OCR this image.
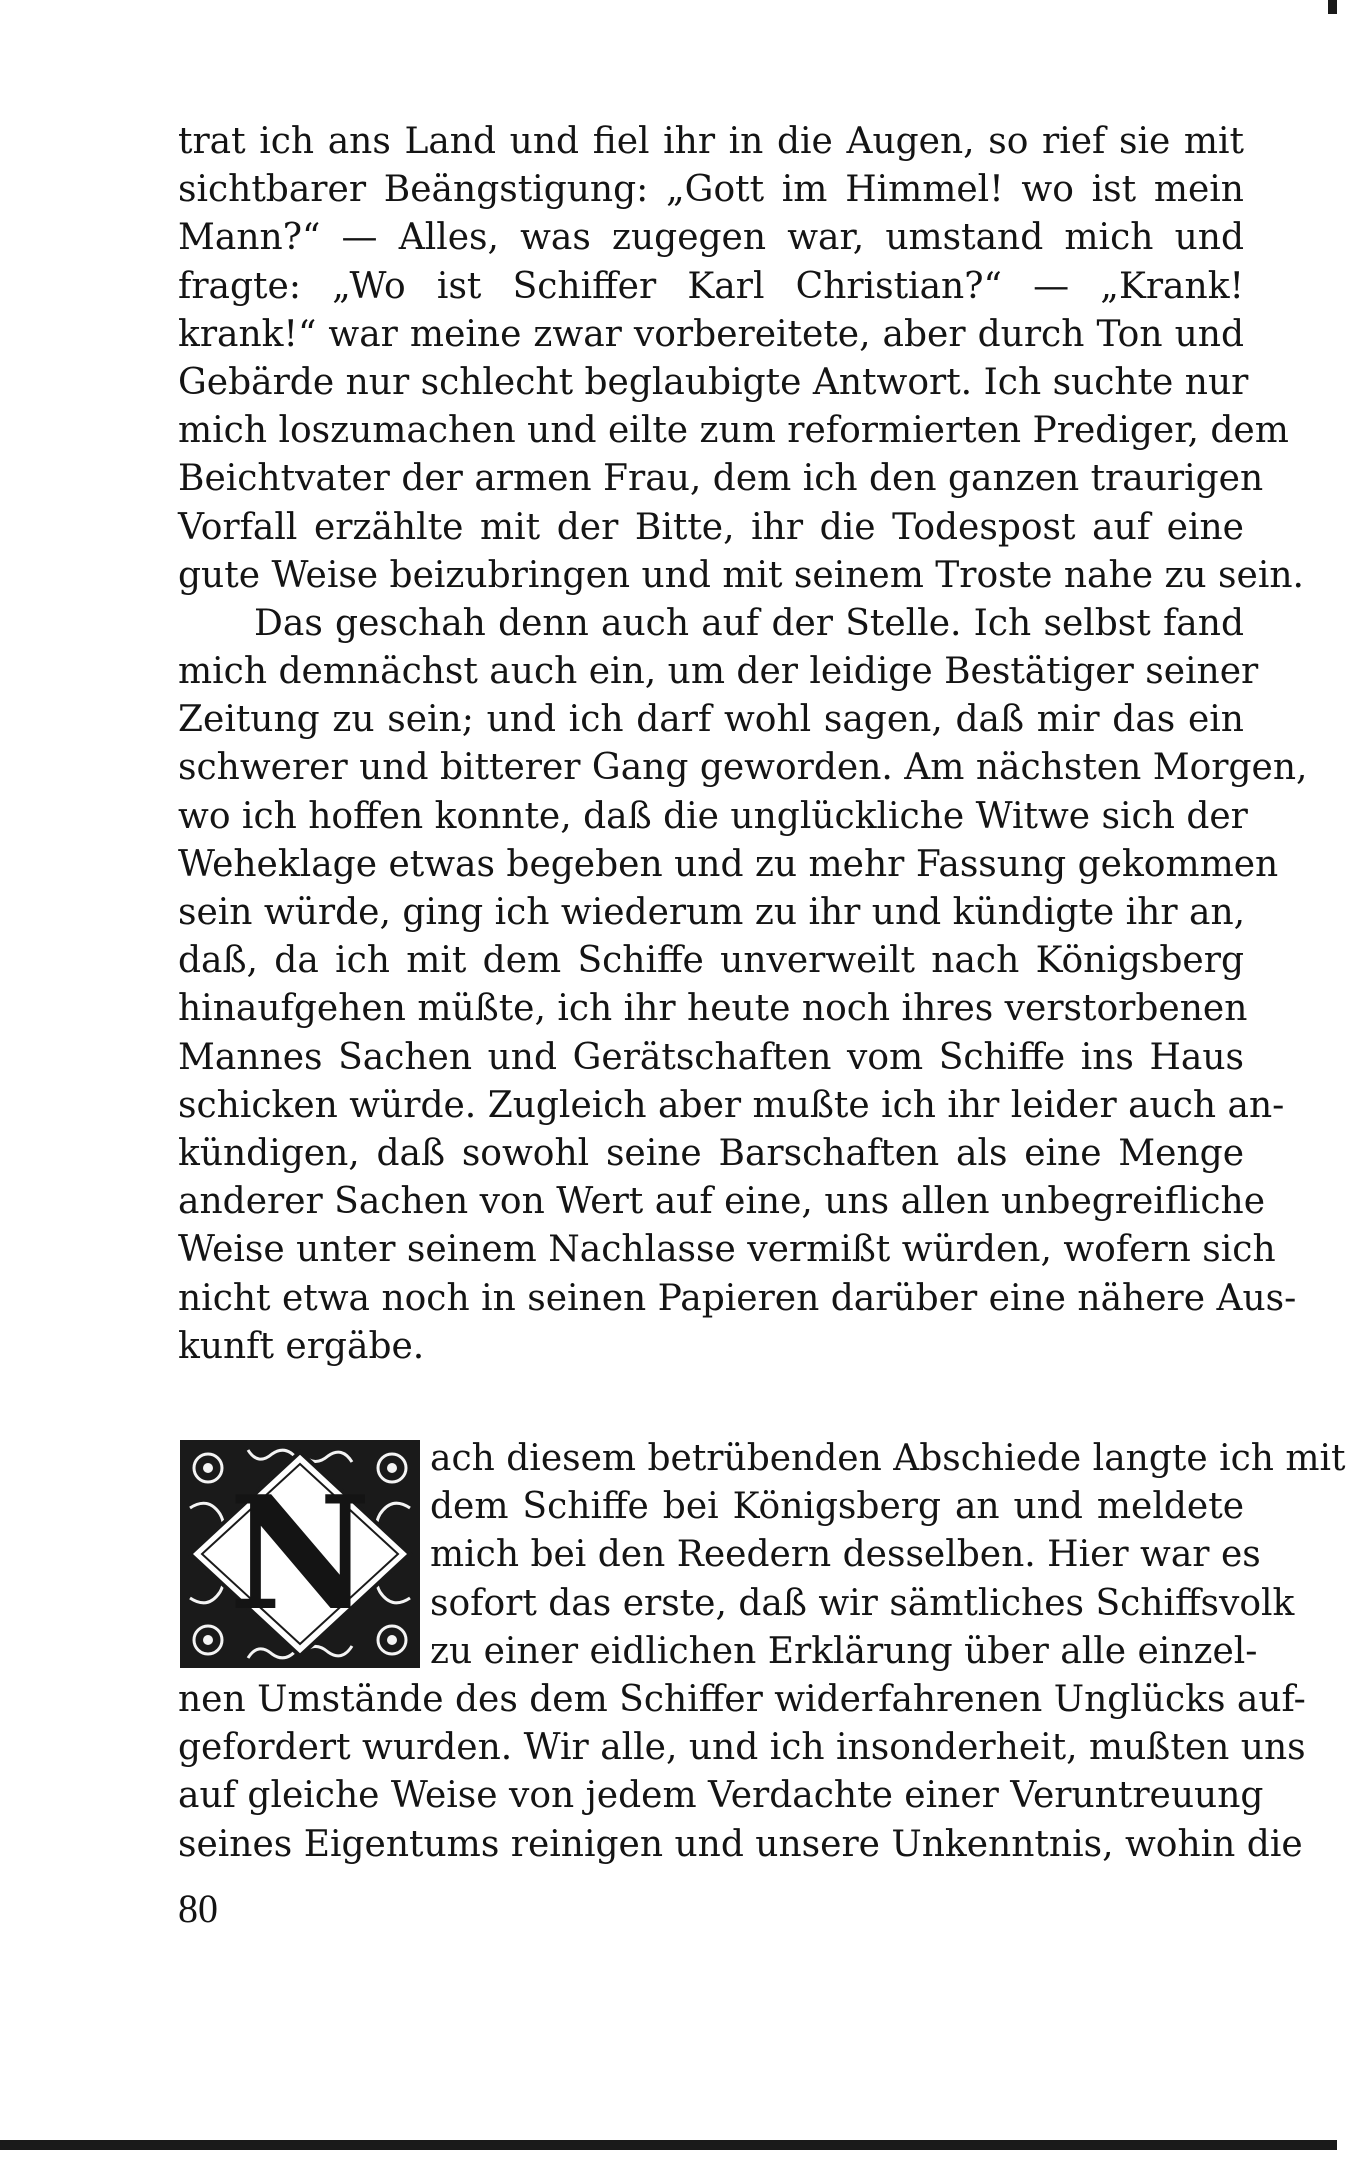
trat ich ans Land und fiel ihr in die Augen, so rief sie mit
sichtbarer Beängstigung: „Gott im Himmel! wo ist mein
Mann?“ — Alles, was zugegen war, umstand mich und
fragte: „Wo ist Schiffer Karl Christian?“ — „Krank!
krank!“ war meine zwar vorbereitete, aber durch Ton und
Gebärde nur schlecht beglaubigte Antwort. Ich suchte nur
mich loszumachen und eilte zum reformierten Prediger, dem
Beichtvater der armen Frau, dem ich den ganzen traurigen
Vorfall erzählte mit der Bitte, ihr die Todespost auf eine
gute Weise beizubringen und mit seinem Troste nahe zu sein.
Das geschah denn auch auf der Stelle. Ich selbst fand
mich demnächst auch ein, um der leidige Bestätiger seiner
Zeitung zu sein; und ich darf wohl sagen, daß mir das ein
schwerer und bitterer Gang geworden. Am nächsten Morgen,
wo ich hoffen konnte, daß die unglückliche Witwe sich der
Weheklage etwas begeben und zu mehr Fassung gekommen
sein würde, ging ich wiederum zu ihr und kündigte ihr an,
daß, da ich mit dem Schiffe unverweilt nach Königsberg
hinaufgehen müßte, ich ihr heute noch ihres verstorbenen
Mannes Sachen und Gerätschaften vom Schiffe ins Haus
schicken würde. Zugleich aber mußte ich ihr leider auch an-
kündigen, daß sowohl seine Barschaften als eine Menge
anderer Sachen von Wert auf eine, uns allen unbegreifliche
Weise unter seinem Nachlasse vermißt würden, wofern sich
nicht etwa noch in seinen Papieren darüber eine nähere Aus-
kunft ergäbe.
N
ach diesem betrübenden Abschiede langte ich mit
dem Schiffe bei Königsberg an und meldete
mich bei den Reedern desselben. Hier war es
sofort das erste, daß wir sämtliches Schiffsvolk
zu einer eidlichen Erklärung über alle einzel-
nen Umstände des dem Schiffer widerfahrenen Unglücks auf-
gefordert wurden. Wir alle, und ich insonderheit, mußten uns
auf gleiche Weise von jedem Verdachte einer Veruntreuung
seines Eigentums reinigen und unsere Unkenntnis, wohin die
80
